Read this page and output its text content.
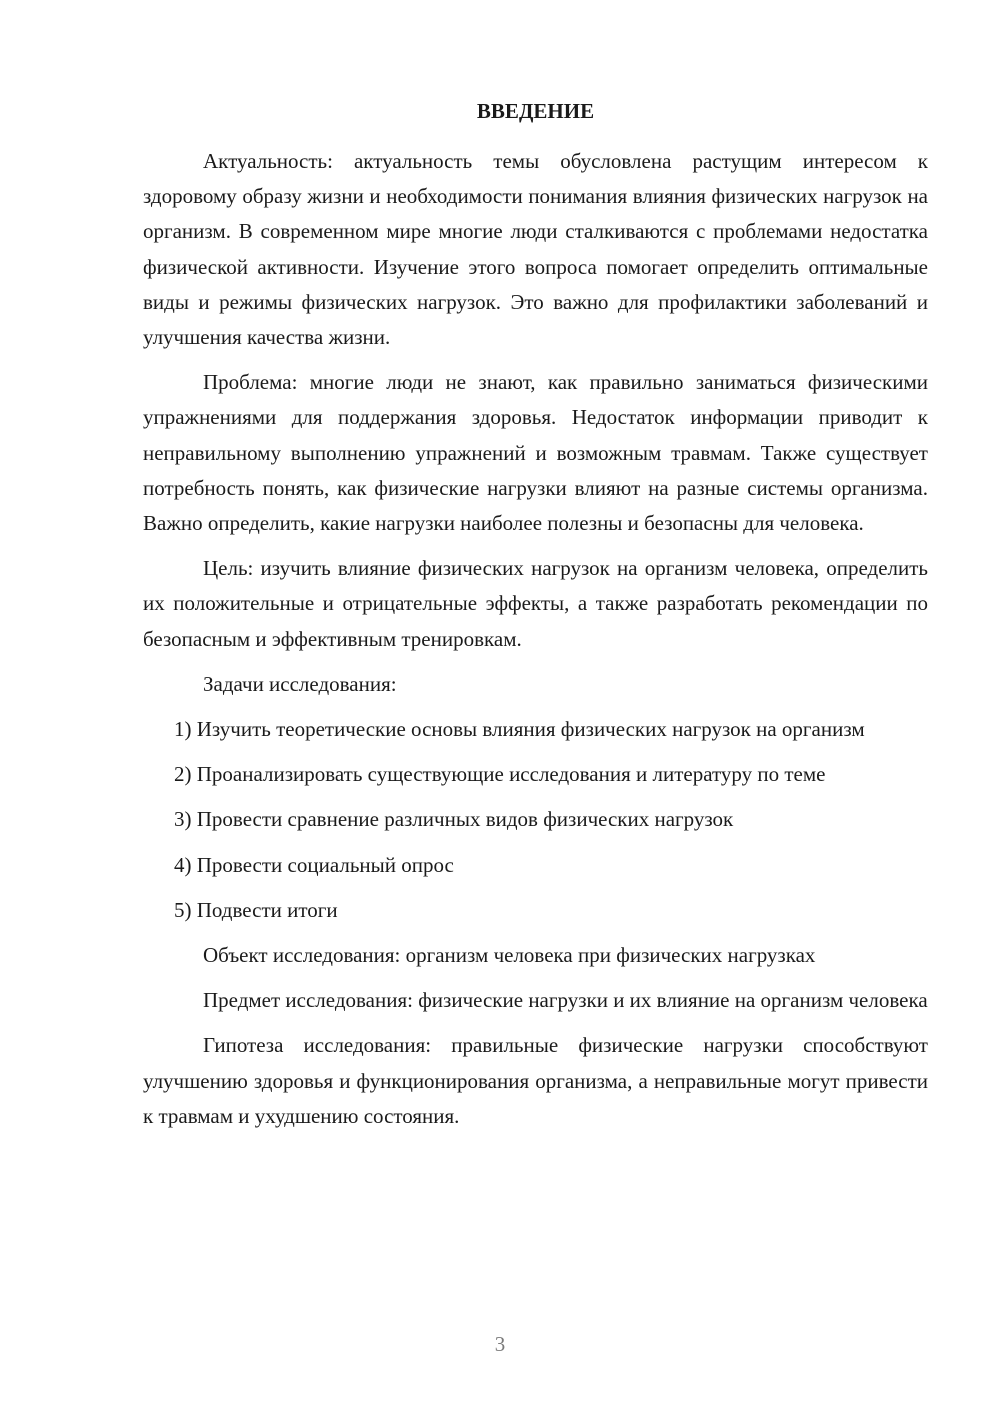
ВВЕДЕНИЕ

Актуальность: актуальность темы обусловлена растущим интересом к здоровому образу жизни и необходимости понимания влияния физических нагрузок на организм. В современном мире многие люди сталкиваются с проблемами недостатка физической активности. Изучение этого вопроса помогает определить оптимальные виды и режимы физических нагрузок. Это важно для профилактики заболеваний и улучшения качества жизни.

Проблема: многие люди не знают, как правильно заниматься физическими упражнениями для поддержания здоровья. Недостаток информации приводит к неправильному выполнению упражнений и возможным травмам. Также существует потребность понять, как физические нагрузки влияют на разные системы организма. Важно определить, какие нагрузки наиболее полезны и безопасны для человека.

Цель: изучить влияние физических нагрузок на организм человека, определить их положительные и отрицательные эффекты, а также разработать рекомендации по безопасным и эффективным тренировкам.

Задачи исследования:

1) Изучить теоретические основы влияния физических нагрузок на организм

2) Проанализировать существующие исследования и литературу по теме

3) Провести сравнение различных видов физических нагрузок

4) Провести социальный опрос

5) Подвести итоги

Объект исследования: организм человека при физических нагрузках

Предмет исследования: физические нагрузки и их влияние на организм человека

Гипотеза исследования: правильные физические нагрузки способствуют улучшению здоровья и функционирования организма, а неправильные могут привести к травмам и ухудшению состояния.

3
